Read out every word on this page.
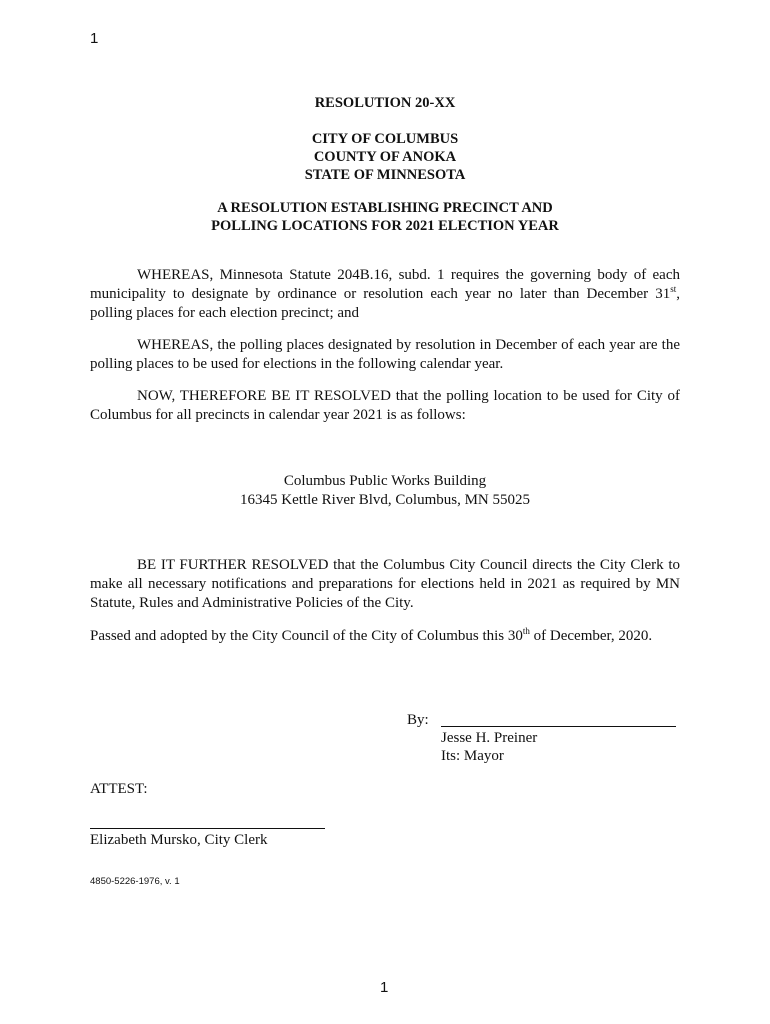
1
RESOLUTION 20-XX
CITY OF COLUMBUS
COUNTY OF ANOKA
STATE OF MINNESOTA
A RESOLUTION ESTABLISHING PRECINCT AND
POLLING LOCATIONS FOR 2021 ELECTION YEAR
WHEREAS, Minnesota Statute 204B.16, subd. 1 requires the governing body of each municipality to designate by ordinance or resolution each year no later than December 31st, polling places for each election precinct; and
WHEREAS, the polling places designated by resolution in December of each year are the polling places to be used for elections in the following calendar year.
NOW, THEREFORE BE IT RESOLVED that the polling location to be used for City of Columbus for all precincts in calendar year 2021 is as follows:
Columbus Public Works Building
16345 Kettle River Blvd, Columbus, MN 55025
BE IT FURTHER RESOLVED that the Columbus City Council directs the City Clerk to make all necessary notifications and preparations for elections held in 2021 as required by MN Statute, Rules and Administrative Policies of the City.
Passed and adopted by the City Council of the City of Columbus this 30th of December, 2020.
By:
Jesse H. Preiner
Its: Mayor
ATTEST:
Elizabeth Mursko, City Clerk
4850-5226-1976, v. 1
1
